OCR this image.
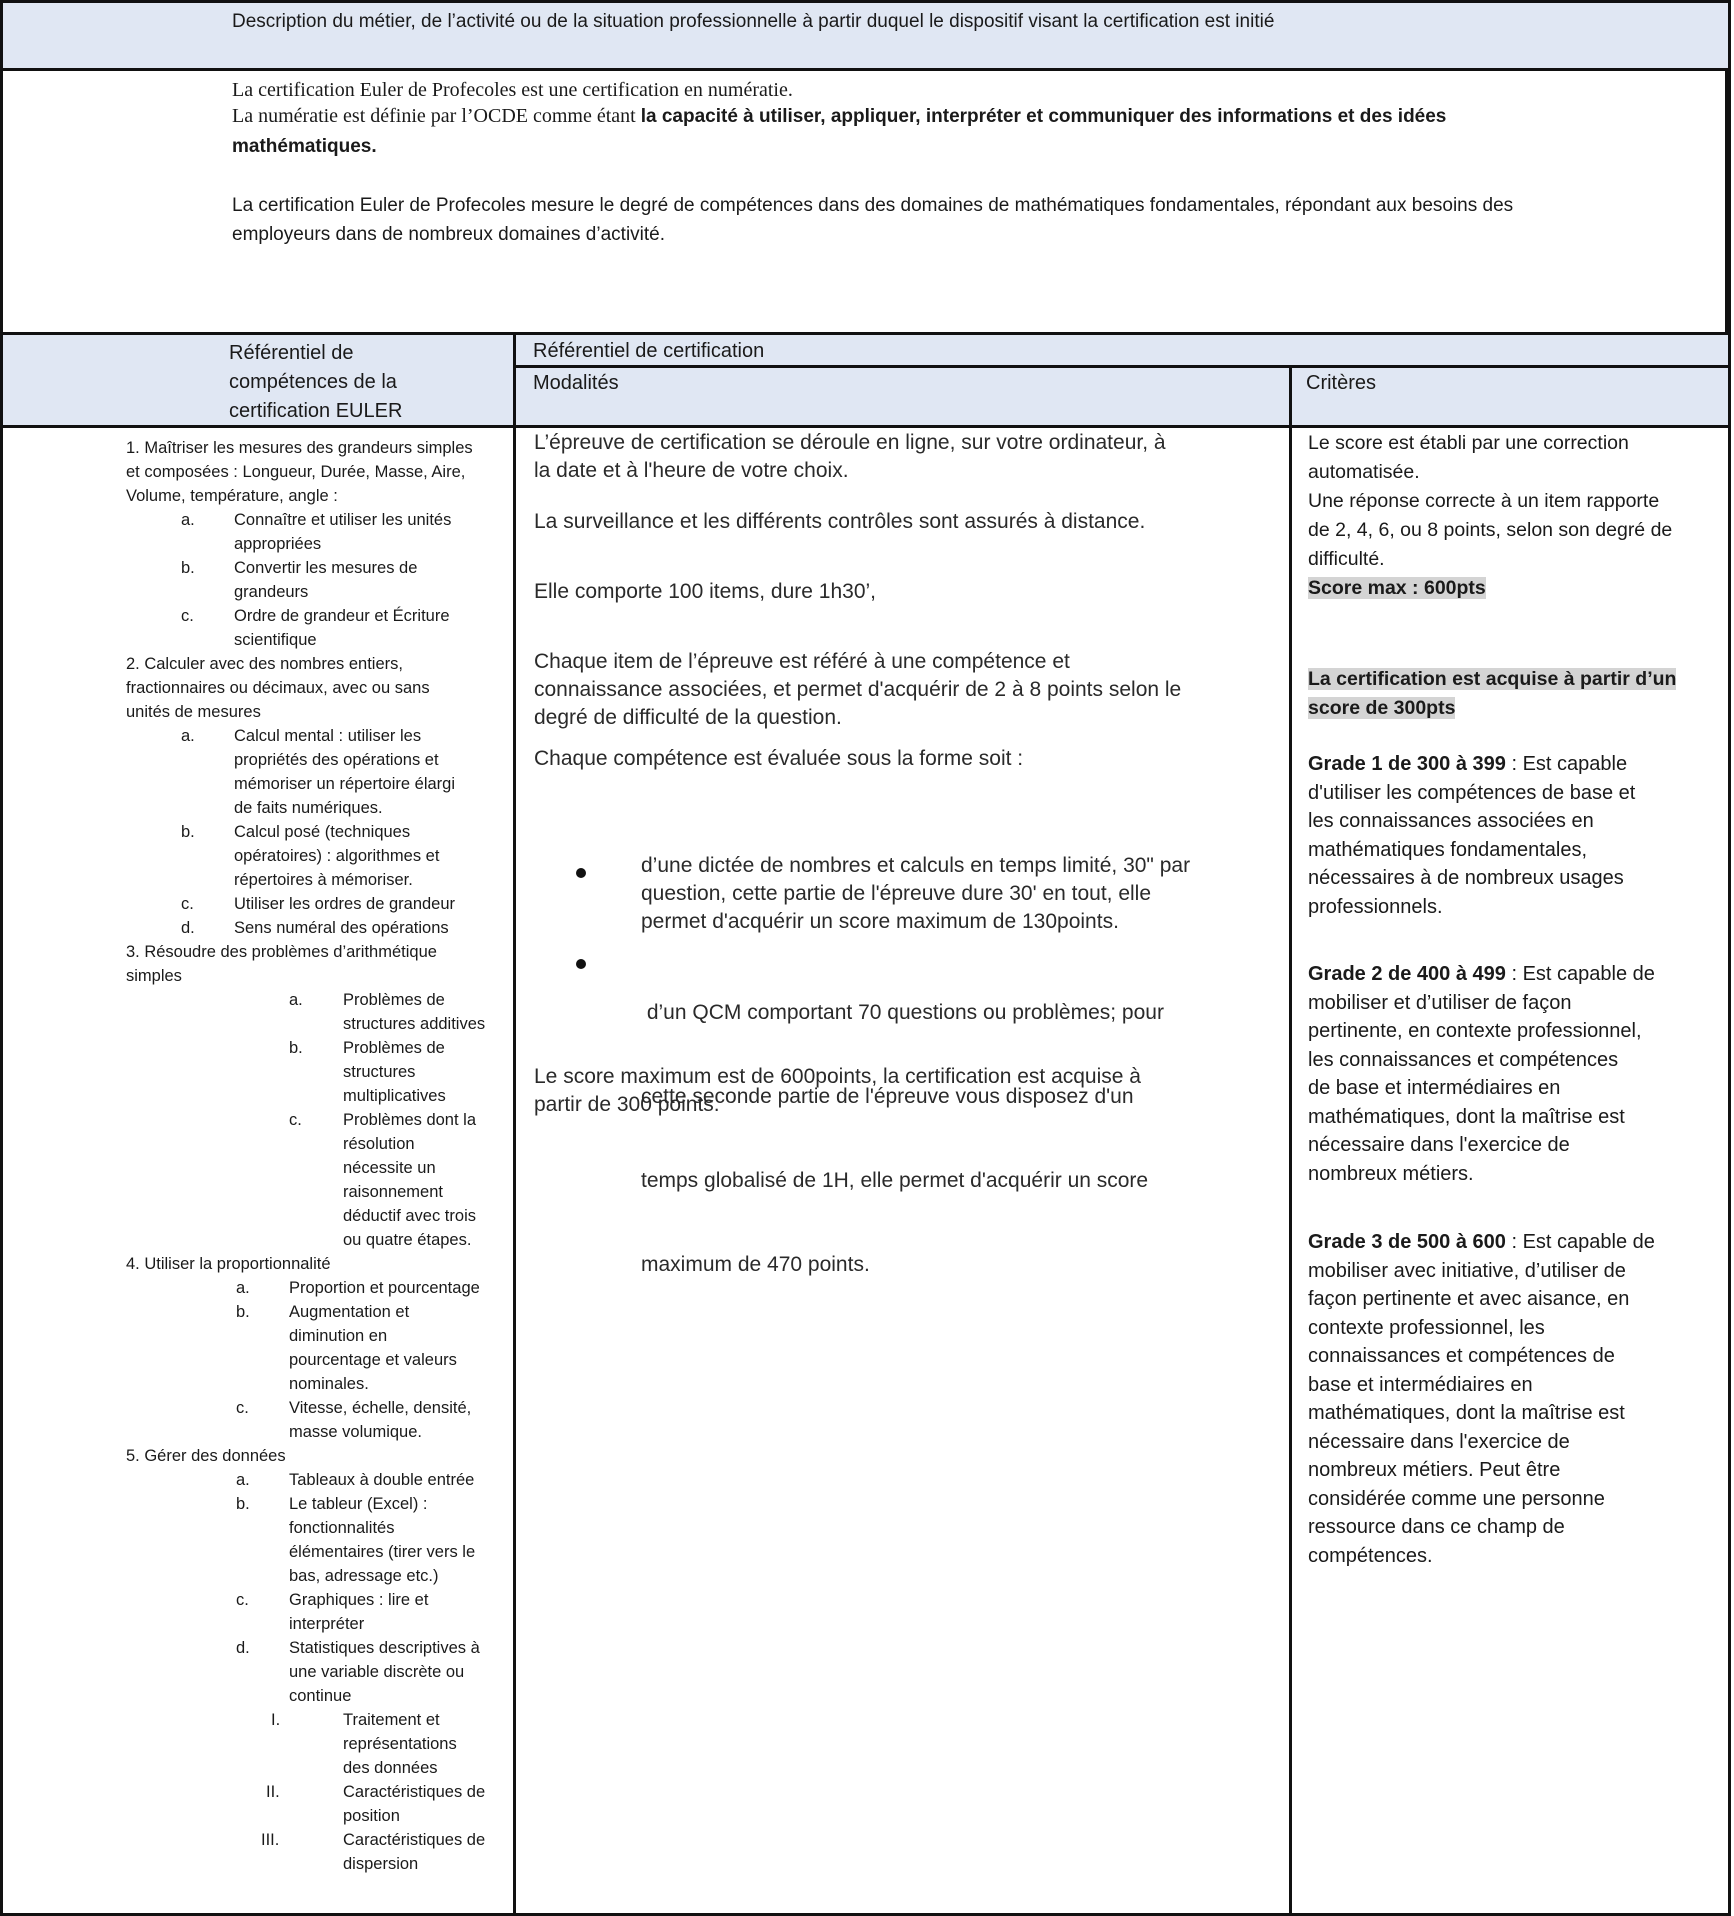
Description du métier, de l’activité ou de la situation professionnelle à partir duquel le dispositif visant la certification est initié
La certification Euler de Profecoles est une certification en numératie.
La numératie est définie par l’OCDE comme étant la capacité à utiliser, appliquer, interpréter et communiquer des informations et des idées
mathématiques.
La certification Euler de Profecoles mesure le degré de compétences dans des domaines de mathématiques fondamentales, répondant aux besoins des
employeurs dans de nombreux domaines d’activité.
Référentiel de
compétences de la
certification EULER
Référentiel de certification
Modalités	Critères
1. Maîtriser les mesures des grandeurs simples
et composées : Longueur, Durée, Masse, Aire,
Volume, température, angle :
a. Connaître et utiliser les unités
appropriées
b. Convertir les mesures de
grandeurs
c. Ordre de grandeur et Écriture
scientifique
2. Calculer avec des nombres entiers,
fractionnaires ou décimaux, avec ou sans
unités de mesures
a. Calcul mental : utiliser les
propriétés des opérations et
mémoriser un répertoire élargi
de faits numériques.
b. Calcul posé (techniques
opératoires) : algorithmes et
répertoires à mémoriser.
c. Utiliser les ordres de grandeur
d. Sens numéral des opérations
3. Résoudre des problèmes d’arithmétique
simples
a. Problèmes de
structures additives
b. Problèmes de
structures
multiplicatives
c. Problèmes dont la
résolution
nécessite un
raisonnement
déductif avec trois
ou quatre étapes.
4. Utiliser la proportionnalité
a. Proportion et pourcentage
b. Augmentation et
diminution en
pourcentage et valeurs
nominales.
c. Vitesse, échelle, densité,
masse volumique.
5. Gérer des données
a. Tableaux à double entrée
b. Le tableur (Excel) :
fonctionnalités
élémentaires (tirer vers le
bas, adressage etc.)
c. Graphiques : lire et
interpréter
d. Statistiques descriptives à
une variable discrète ou
continue
I.	Traitement et
représentations
des données
II.	Caractéristiques de
position
III.	Caractéristiques de
dispersion
L’épreuve de certification se déroule en ligne, sur votre ordinateur, à
la date et à l'heure de votre choix.
La surveillance et les différents contrôles sont assurés à distance.
Elle comporte 100 items, dure 1h30’,
Chaque item de l’épreuve est référé à une compétence et
connaissance associées, et permet d'acquérir de 2 à 8 points selon le
degré de difficulté de la question.
Chaque compétence est évaluée sous la forme soit :
d’une dictée de nombres et calculs en temps limité, 30" par
question, cette partie de l'épreuve dure 30' en tout, elle
permet d'acquérir un score maximum de 130points.

d’un QCM comportant 70 questions ou problèmes; pour

cette seconde partie de l'épreuve vous disposez d'un

temps globalisé de 1H, elle permet d'acquérir un score

maximum de 470 points.

Le score maximum est de 600points, la certification est acquise à
partir de 300 points.
Le score est établi par une correction
automatisée.
Une réponse correcte à un item rapporte
de 2, 4, 6, ou 8 points, selon son degré de
difficulté.
Score max : 600pts
La certification est acquise à partir d’un
score de 300pts
Grade 1 de 300 à 399 : Est capable
d'utiliser les compétences de base et
les connaissances associées en
mathématiques fondamentales,
nécessaires à de nombreux usages
professionnels.
Grade 2 de 400 à 499 : Est capable de
mobiliser et d’utiliser de façon
pertinente, en contexte professionnel,
les connaissances et compétences
de base et intermédiaires en
mathématiques, dont la maîtrise est
nécessaire dans l'exercice de
nombreux métiers.
Grade 3 de 500 à 600 : Est capable de
mobiliser avec initiative, d’utiliser de
façon pertinente et avec aisance, en
contexte professionnel, les
connaissances et compétences de
base et intermédiaires en
mathématiques, dont la maîtrise est
nécessaire dans l'exercice de
nombreux métiers. Peut être
considérée comme une personne
ressource dans ce champ de
compétences.
